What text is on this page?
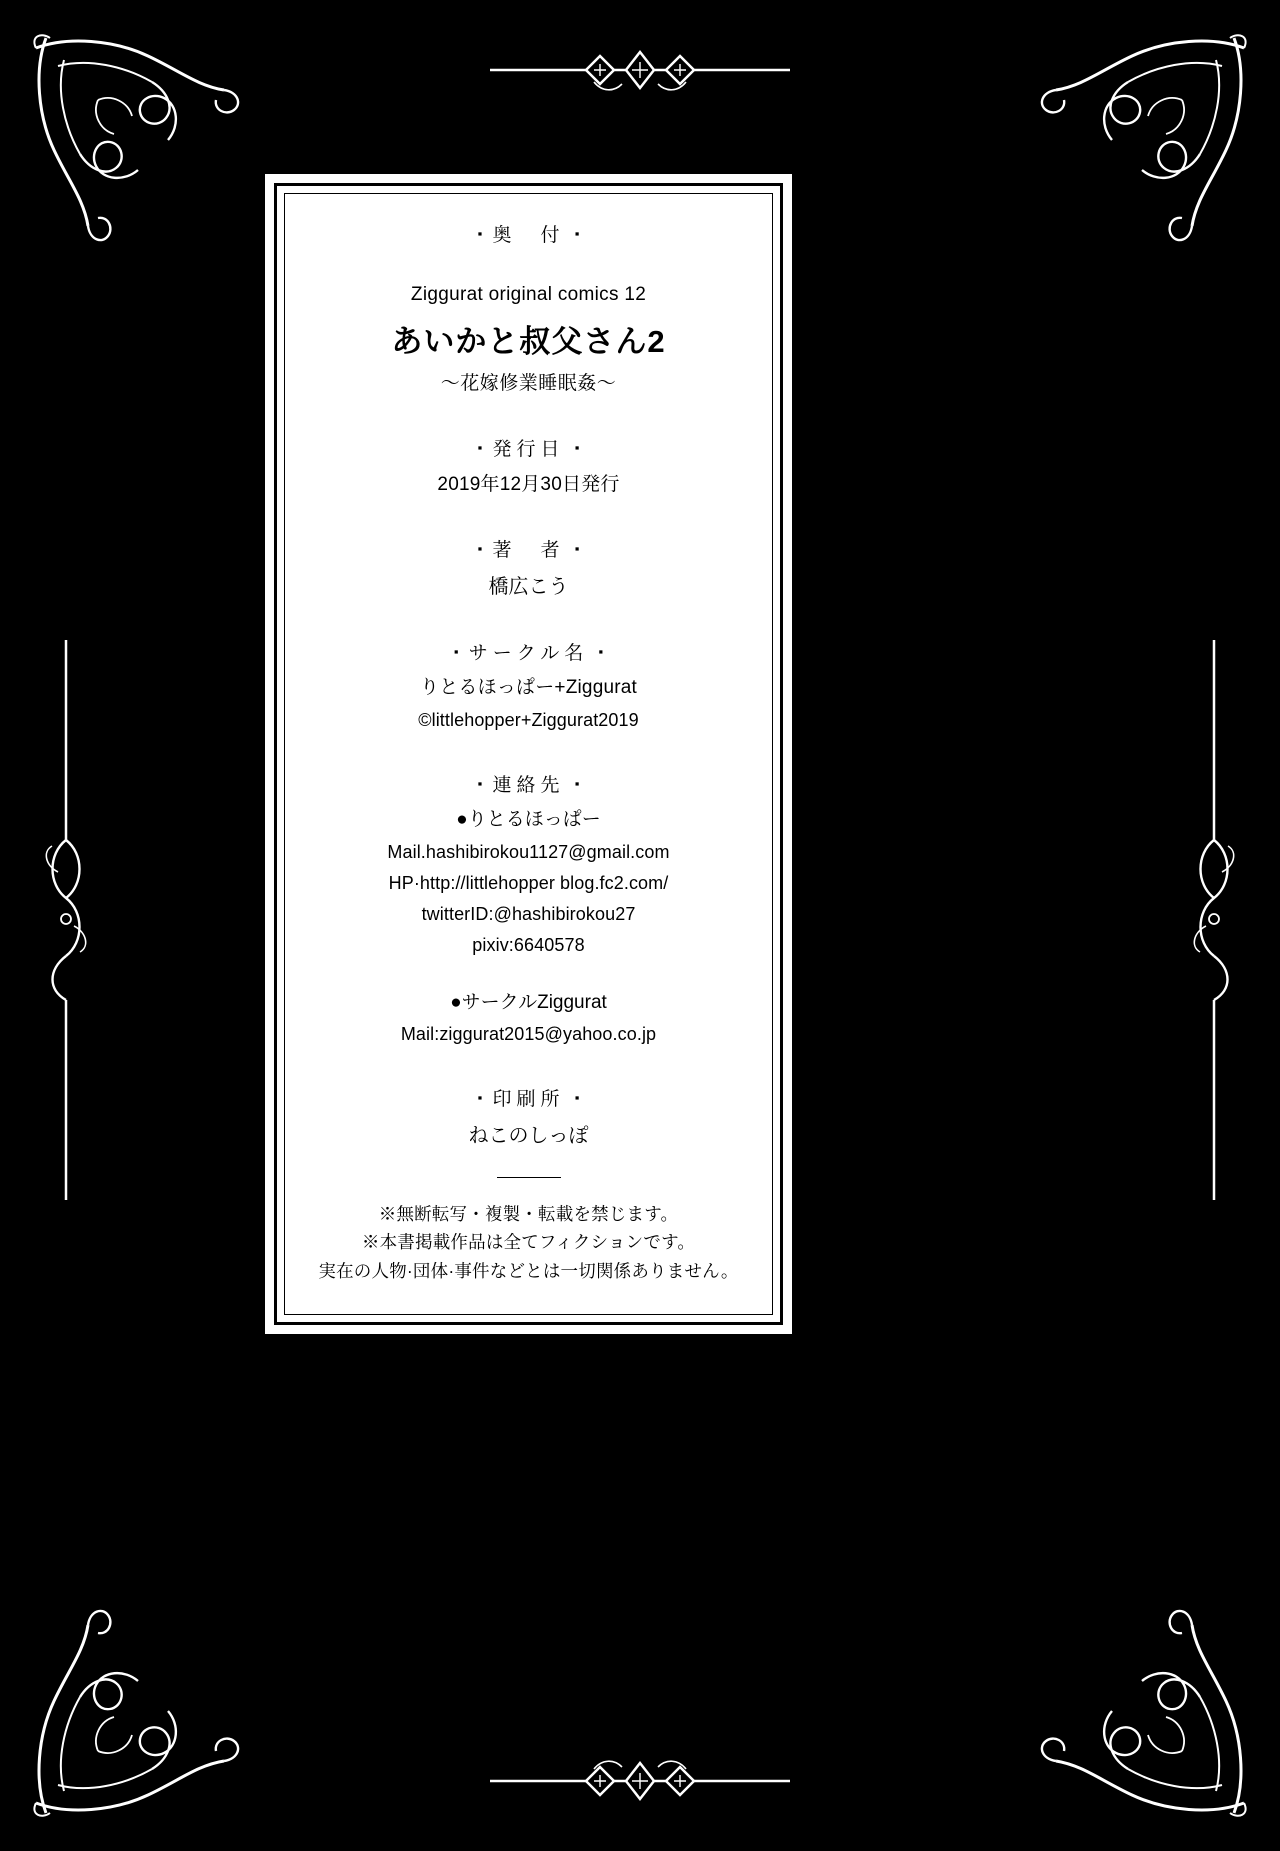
▪ 奥　付 ▪
Ziggurat original comics 12
あいかと叔父さん2
〜花嫁修業睡眠姦〜
▪ 発行日 ▪
2019年12月30日発行
▪ 著　者 ▪
橋広こう
▪ サークル名 ▪
りとるほっぱー+Ziggurat
©littlehopper+Ziggurat2019
▪ 連絡先 ▪
●りとるほっぱー
Mail.hashibirokou1127@gmail.com
HP·http://littlehopper blog.fc2.com/
twitterID:@hashibirokou27
pixiv:6640578
●サークルZiggurat
Mail:ziggurat2015@yahoo.co.jp
▪ 印刷所 ▪
ねこのしっぽ
※無断転写・複製・転載を禁じます。
※本書掲載作品は全てフィクションです。
実在の人物·団体·事件などとは一切関係ありません。
